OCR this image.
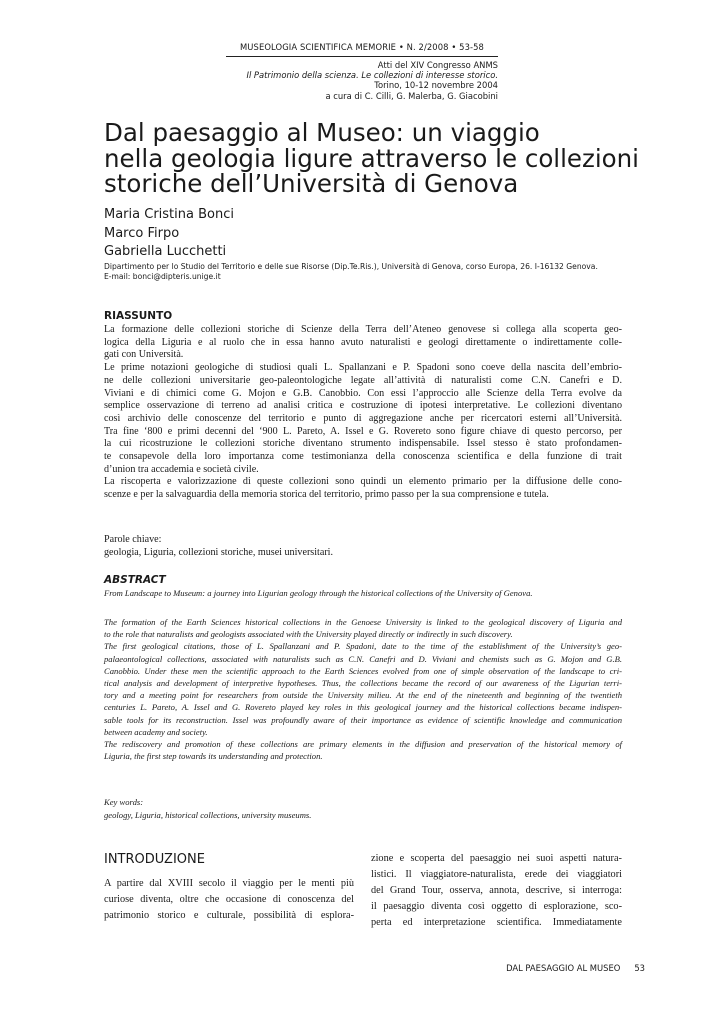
MUSEOLOGIA SCIENTIFICA MEMORIE • N. 2/2008 • 53-58
Atti del XIV Congresso ANMS
Il Patrimonio della scienza. Le collezioni di interesse storico.
Torino, 10-12 novembre 2004
a cura di C. Cilli, G. Malerba, G. Giacobini
Dal paesaggio al Museo: un viaggio
nella geologia ligure attraverso le collezioni
storiche dell’Università di Genova
Maria Cristina Bonci
Marco Firpo
Gabriella Lucchetti
Dipartimento per lo Studio del Territorio e delle sue Risorse (Dip.Te.Ris.), Università di Genova, corso Europa, 26. I-16132 Genova.
E-mail: bonci@dipteris.unige.it
RIASSUNTO
La formazione delle collezioni storiche di Scienze della Terra dell’Ateneo genovese si collega alla scoperta geo-
logica della Liguria e al ruolo che in essa hanno avuto naturalisti e geologi direttamente o indirettamente colle-
gati con Università.
Le prime notazioni geologiche di studiosi quali L. Spallanzani e P. Spadoni sono coeve della nascita dell’embrio-
ne delle collezioni universitarie geo-paleontologiche legate all’attività di naturalisti come C.N. Canefri e D.
Viviani e di chimici come G. Mojon e G.B. Canobbio. Con essi l’approccio alle Scienze della Terra evolve da
semplice osservazione di terreno ad analisi critica e costruzione di ipotesi interpretative. Le collezioni diventano
così archivio delle conoscenze del territorio e punto di aggregazione anche per ricercatori esterni all’Università.
Tra fine ‘800 e primi decenni del ‘900 L. Pareto, A. Issel e G. Rovereto sono figure chiave di questo percorso, per
la cui ricostruzione le collezioni storiche diventano strumento indispensabile. Issel stesso è stato profondamen-
te consapevole della loro importanza come testimonianza della conoscenza scientifica e della funzione di trait
d’union tra accademia e società civile.
La riscoperta e valorizzazione di queste collezioni sono quindi un elemento primario per la diffusione delle cono-
scenze e per la salvaguardia della memoria storica del territorio, primo passo per la sua comprensione e tutela.
Parole chiave:
geologia, Liguria, collezioni storiche, musei universitari.
ABSTRACT
From Landscape to Museum: a journey into Ligurian geology through the historical collections of the University of Genova.
The formation of the Earth Sciences historical collections in the Genoese University is linked to the geological discovery of Liguria and
to the role that naturalists and geologists associated with the University played directly or indirectly in such discovery.
The first geological citations, those of L. Spallanzani and P. Spadoni, date to the time of the establishment of the University’s geo-
palaeontological collections, associated with naturalists such as C.N. Canefri and D. Viviani and chemists such as G. Mojon and G.B.
Canobbio. Under these men the scientific approach to the Earth Sciences evolved from one of simple observation of the landscape to cri-
tical analysis and development of interpretive hypotheses. Thus, the collections became the record of our awareness of the Ligurian terri-
tory and a meeting point for researchers from outside the University milieu. At the end of the nineteenth and beginning of the twentieth
centuries L. Pareto, A. Issel and G. Rovereto played key roles in this geological journey and the historical collections became indispen-
sable tools for its reconstruction. Issel was profoundly aware of their importance as evidence of scientific knowledge and communication
between academy and society.
The rediscovery and promotion of these collections are primary elements in the diffusion and preservation of the historical memory of
Liguria, the first step towards its understanding and protection.
Key words:
geology, Liguria, historical collections, university museums.
INTRODUZIONE
A partire dal XVIII secolo il viaggio per le menti più
curiose diventa, oltre che occasione di conoscenza del
patrimonio storico e culturale, possibilità di esplora-
zione e scoperta del paesaggio nei suoi aspetti natura-
listici. Il viaggiatore-naturalista, erede dei viaggiatori
del Grand Tour, osserva, annota, descrive, si interroga:
il paesaggio diventa così oggetto di esplorazione, sco-
perta ed interpretazione scientifica. Immediatamente
DAL PAESAGGIO AL MUSEO 53
